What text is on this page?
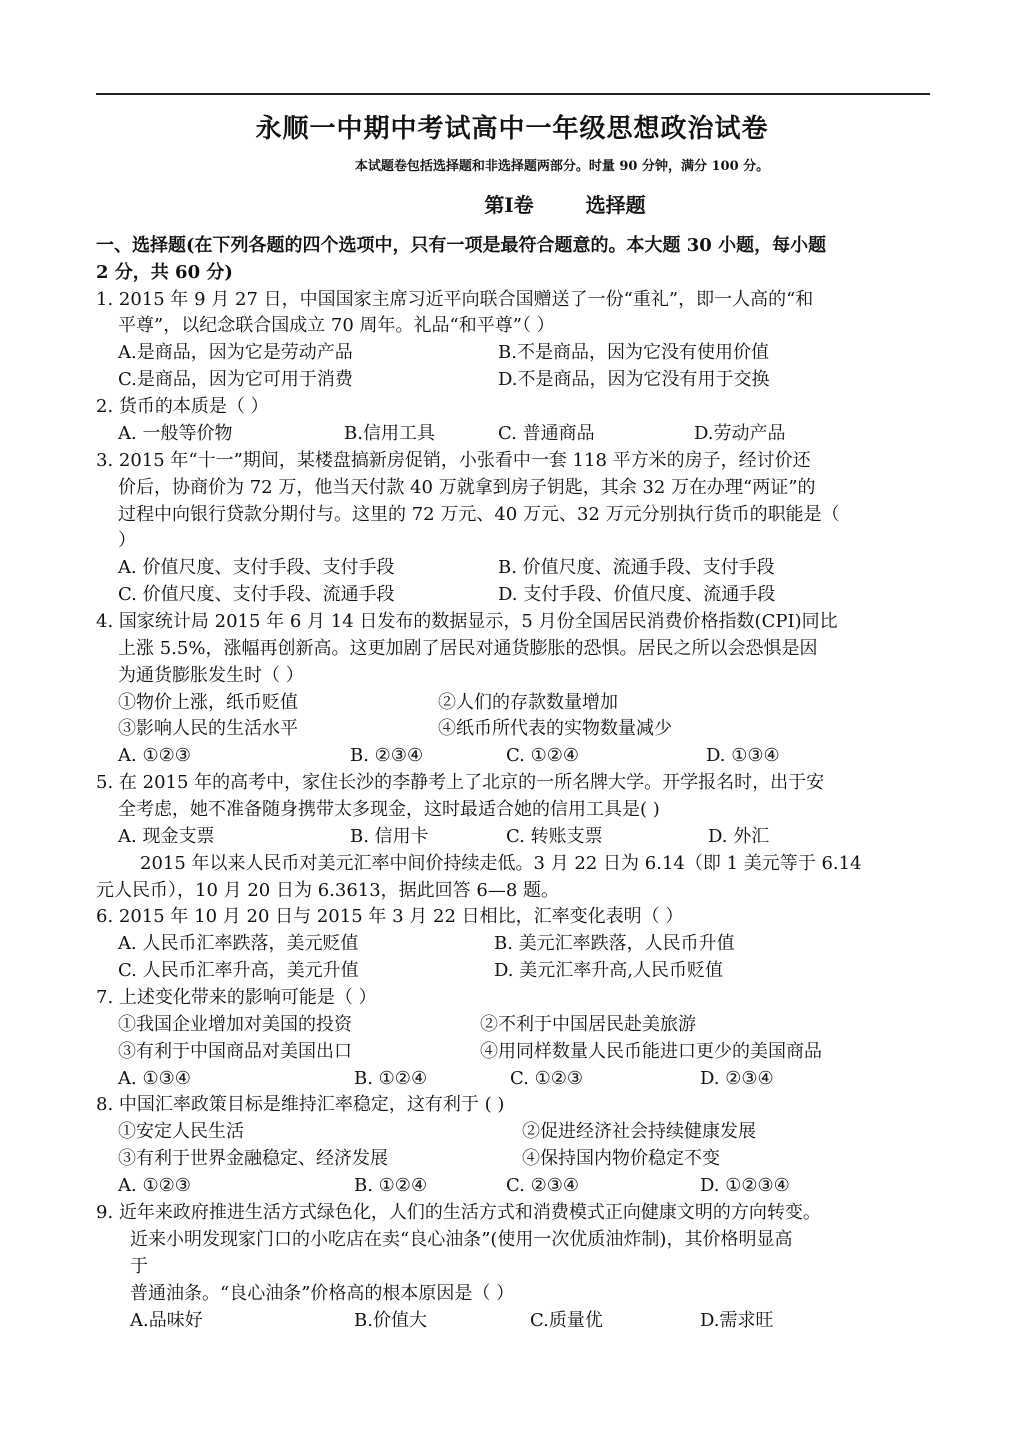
永顺一中期中考试高中一年级思想政治试卷
本试题卷包括选择题和非选择题两部分。时量 90 分钟，满分 100 分。
第Ⅰ卷	选择题
一、选择题(在下列各题的四个选项中，只有一项是最符合题意的。本大题 30 小题，每小题
2 分，共 60 分)
1. 2015 年 9 月 27 日，中国国家主席习近平向联合国赠送了一份“重礼”，即一人高的“和
平尊”，以纪念联合国成立 70 周年。礼品“和平尊”（ ）
A.是商品，因为它是劳动产品	B.不是商品，因为它没有使用价值
C.是商品，因为它可用于消费	D.不是商品，因为它没有用于交换
2. 货币的本质是（ ）
A. 一般等价物	B.信用工具	C. 普通商品	D.劳动产品
3. 2015 年“十一”期间，某楼盘搞新房促销，小张看中一套 118 平方米的房子，经讨价还
价后，协商价为 72 万，他当天付款 40 万就拿到房子钥匙，其余 32 万在办理“两证”的
过程中向银行贷款分期付与。这里的 72 万元、40 万元、32 万元分别执行货币的职能是（
）
A. 价值尺度、支付手段、支付手段	B. 价值尺度、流通手段、支付手段
C. 价值尺度、支付手段、流通手段	D. 支付手段、价值尺度、流通手段
4. 国家统计局 2015 年 6 月 14 日发布的数据显示，5 月份全国居民消费价格指数(CPI)同比
上涨 5.5%，涨幅再创新高。这更加剧了居民对通货膨胀的恐惧。居民之所以会恐惧是因
为通货膨胀发生时（ ）
①物价上涨，纸币贬值	②人们的存款数量增加
③影响人民的生活水平	④纸币所代表的实物数量减少
A. ①②③	B. ②③④	C. ①②④	D. ①③④
5. 在 2015 年的高考中，家住长沙的李静考上了北京的一所名牌大学。开学报名时，出于安
全考虑，她不准备随身携带太多现金，这时最适合她的信用工具是( )
A. 现金支票	B. 信用卡	C. 转账支票	D. 外汇
2015 年以来人民币对美元汇率中间价持续走低。3 月 22 日为 6.14（即 1 美元等于 6.14
元人民币），10 月 20 日为 6.3613，据此回答 6—8 题。
6. 2015 年 10 月 20 日与 2015 年 3 月 22 日相比，汇率变化表明（ ）
A. 人民币汇率跌落，美元贬值	B. 美元汇率跌落，人民币升值
C. 人民币汇率升高，美元升值	D. 美元汇率升高,人民币贬值
7. 上述变化带来的影响可能是（ ）
①我国企业增加对美国的投资	②不利于中国居民赴美旅游
③有利于中国商品对美国出口	④用同样数量人民币能进口更少的美国商品
A. ①③④	B. ①②④	C. ①②③	D. ②③④
8. 中国汇率政策目标是维持汇率稳定，这有利于 ( )
①安定人民生活	②促进经济社会持续健康发展
③有利于世界金融稳定、经济发展	④保持国内物价稳定不变
A. ①②③	B. ①②④	C. ②③④	D. ①②③④
9. 近年来政府推进生活方式绿色化，人们的生活方式和消费模式正向健康文明的方向转变。
近来小明发现家门口的小吃店在卖“良心油条”(使用一次优质油炸制)，其价格明显高
于
普通油条。“良心油条”价格高的根本原因是（ ）
A.品味好	B.价值大	C.质量优	D.需求旺
